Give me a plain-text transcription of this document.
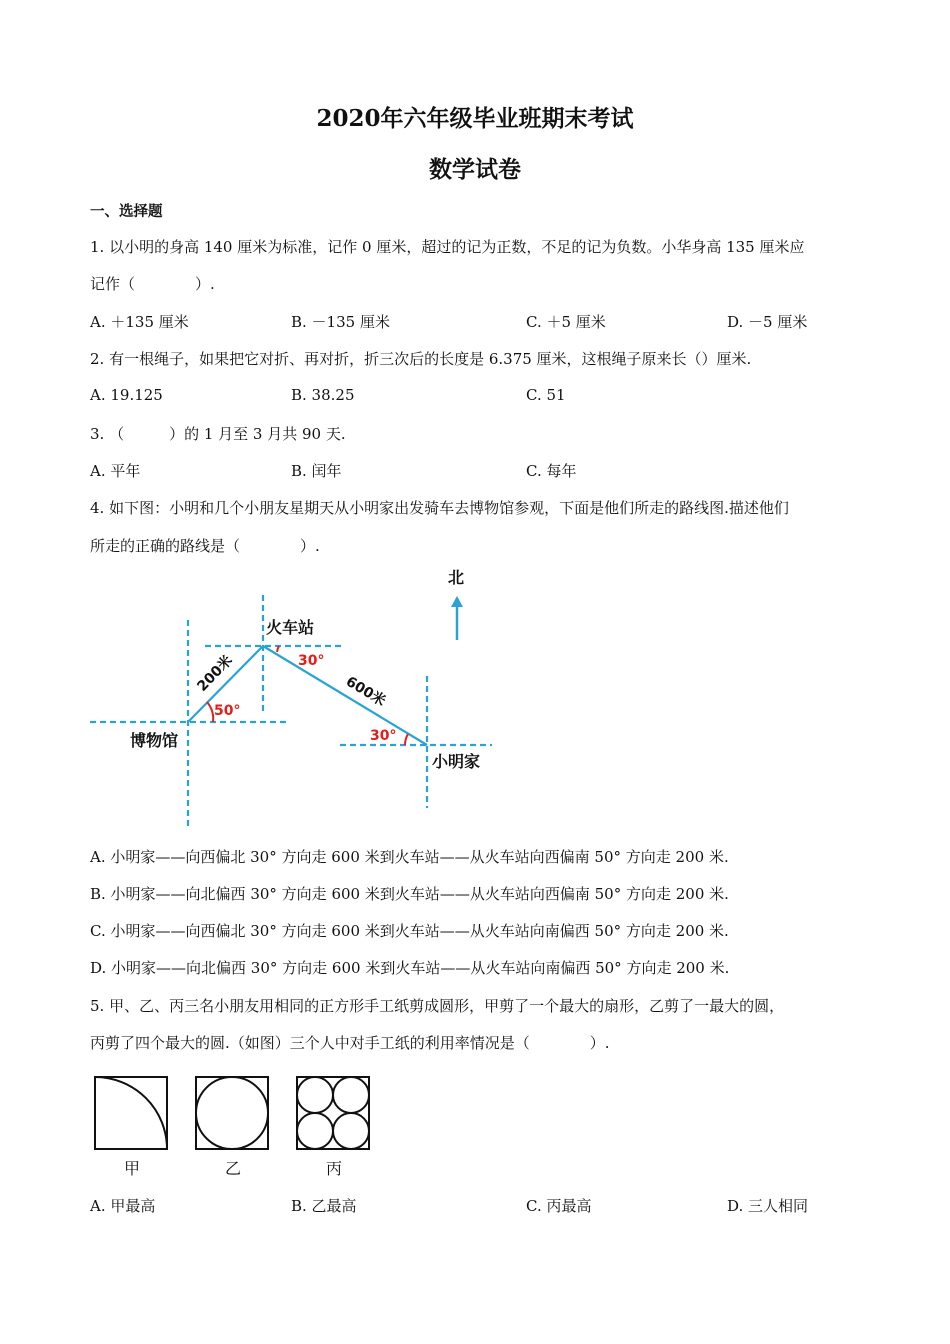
2020年六年级毕业班期末考试
数学试卷
一、选择题
1. 以小明的身高 140 厘米为标准，记作 0 厘米，超过的记为正数，不足的记为负数。小华身高 135 厘米应
记作（　　　　）.
A. ＋135 厘米	B. －135 厘米	C. ＋5 厘米	D. －5 厘米
2. 有一根绳子，如果把它对折、再对折，折三次后的长度是 6.375 厘米，这根绳子原来长（）厘米.
A. 19.125	B. 38.25	C. 51
3. （　　　）的 1 月至 3 月共 90 天.
A. 平年	B. 闰年	C. 每年
4. 如下图：小明和几个小朋友星期天从小明家出发骑车去博物馆参观，下面是他们所走的路线图.描述他们
所走的正确的路线是（　　　　）.
北
火车站
博物馆
小明家
200米	600米
50°
30°
30°
A. 小明家——向西偏北 30° 方向走 600 米到火车站——从火车站向西偏南 50° 方向走 200 米.
B. 小明家——向北偏西 30° 方向走 600 米到火车站——从火车站向西偏南 50° 方向走 200 米.
C. 小明家——向西偏北 30° 方向走 600 米到火车站——从火车站向南偏西 50° 方向走 200 米.
D. 小明家——向北偏西 30° 方向走 600 米到火车站——从火车站向南偏西 50° 方向走 200 米.
5. 甲、乙、丙三名小朋友用相同的正方形手工纸剪成圆形，甲剪了一个最大的扇形，乙剪了一最大的圆，
丙剪了四个最大的圆.（如图）三个人中对手工纸的利用率情况是（　　　　）.
甲	乙	丙
A. 甲最高	B. 乙最高	C. 丙最高	D. 三人相同
